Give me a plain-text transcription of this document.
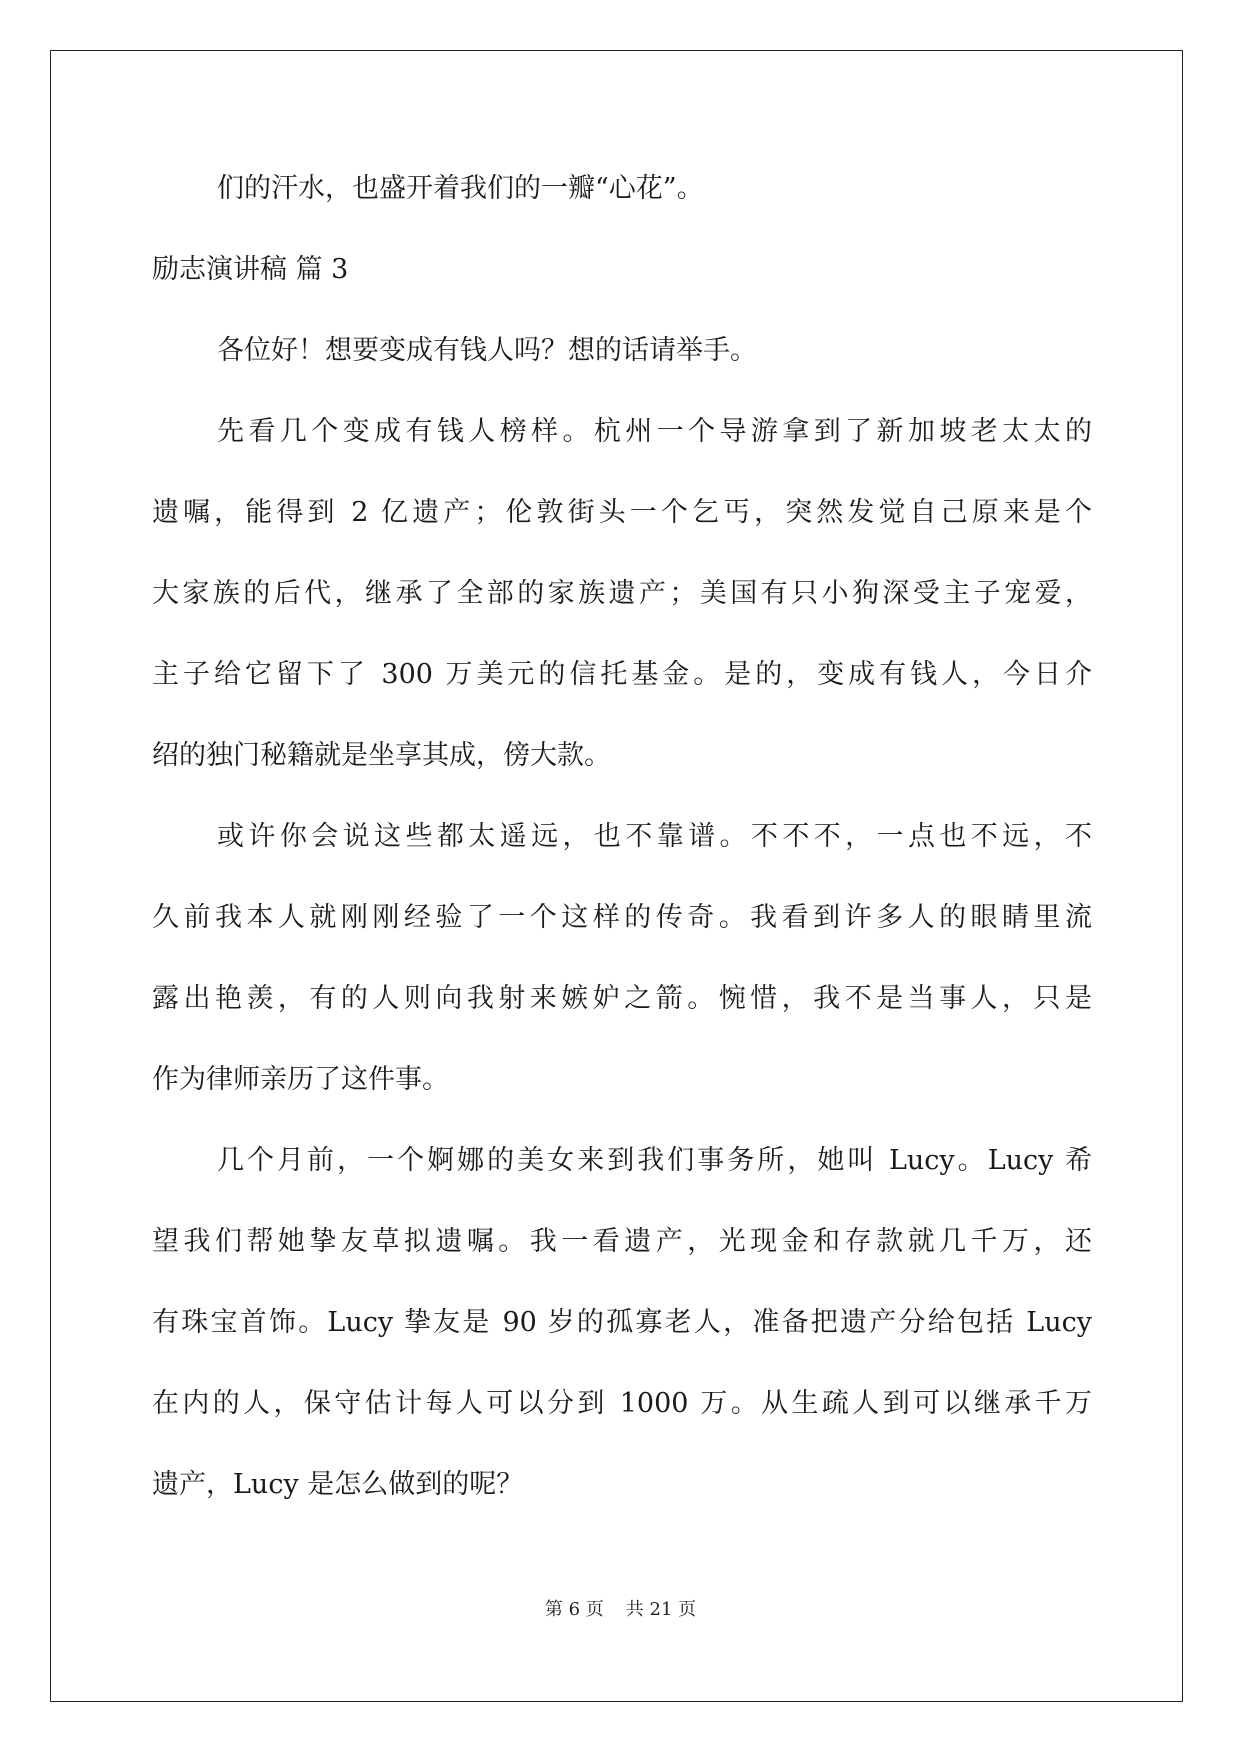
们的汗水，也盛开着我们的一瓣“心花”。
励志演讲稿 篇 3
各位好！想要变成有钱人吗？想的话请举手。
先看几个变成有钱人榜样。杭州一个导游拿到了新加坡老太太的
遗嘱，能得到 2 亿遗产；伦敦街头一个乞丐，突然发觉自己原来是个
大家族的后代，继承了全部的家族遗产；美国有只小狗深受主子宠爱，
主子给它留下了 300 万美元的信托基金。是的，变成有钱人，今日介
绍的独门秘籍就是坐享其成，傍大款。
或许你会说这些都太遥远，也不靠谱。不不不，一点也不远，不
久前我本人就刚刚经验了一个这样的传奇。我看到许多人的眼睛里流
露出艳羡，有的人则向我射来嫉妒之箭。惋惜，我不是当事人，只是
作为律师亲历了这件事。
几个月前，一个婀娜的美女来到我们事务所，她叫 Lucy。Lucy 希
望我们帮她挚友草拟遗嘱。我一看遗产，光现金和存款就几千万，还
有珠宝首饰。Lucy 挚友是 90 岁的孤寡老人，准备把遗产分给包括 Lucy
在内的人，保守估计每人可以分到 1000 万。从生疏人到可以继承千万
遗产，Lucy 是怎么做到的呢？
第 6 页 共 21 页
